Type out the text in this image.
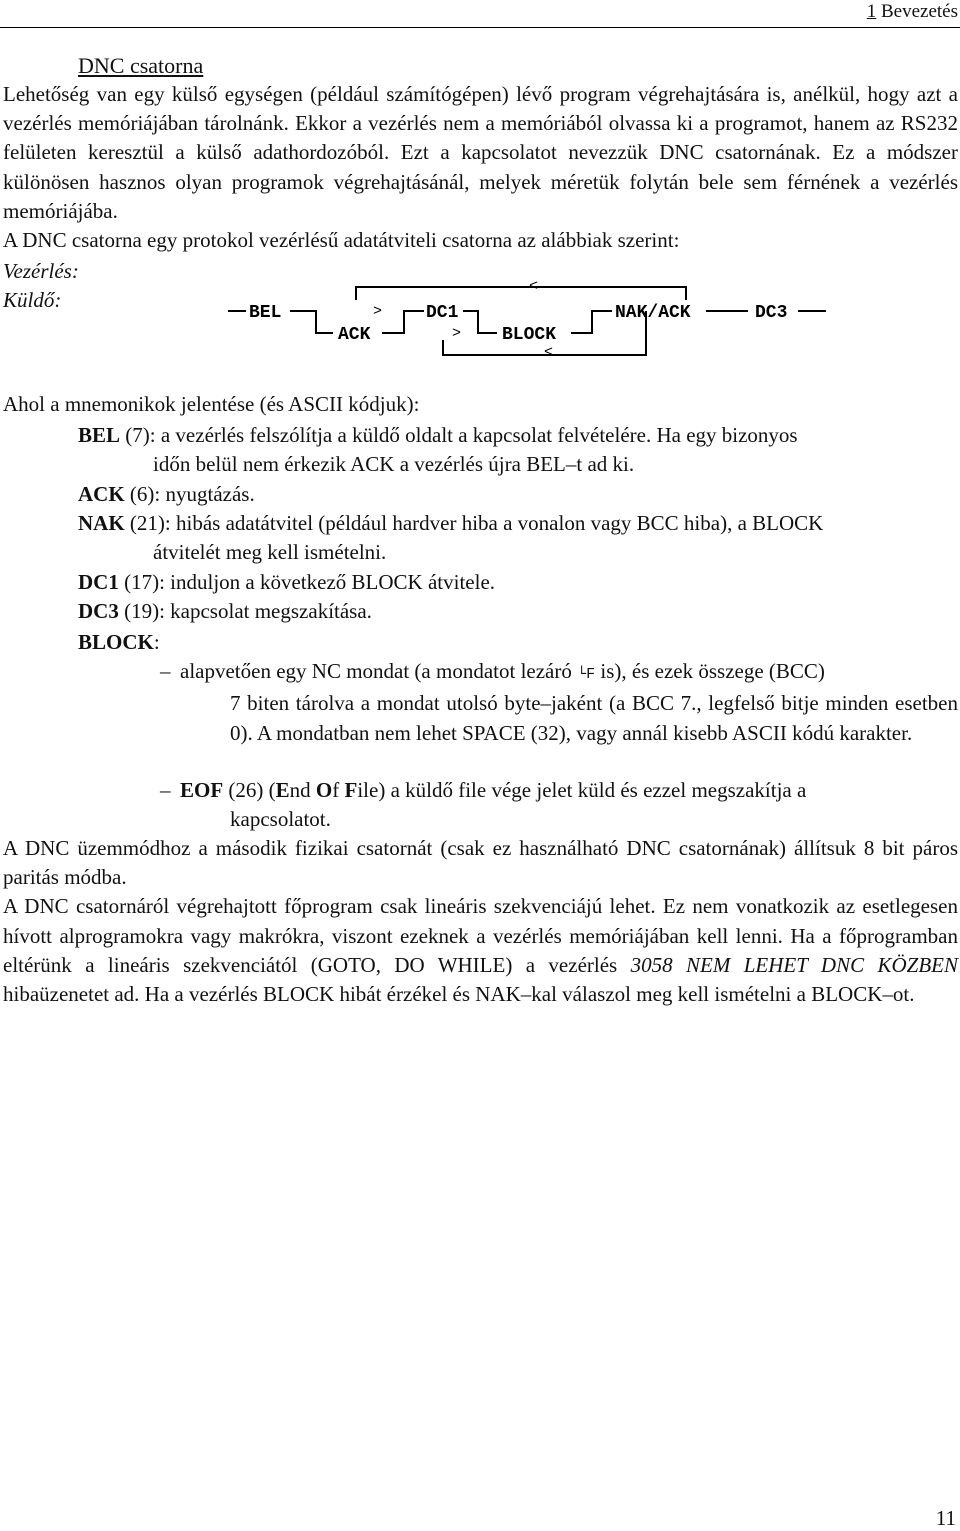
1 Bevezetés
DNC csatorna
Lehetőség van egy külső egységen (például számítógépen) lévő program végrehajtására is, anélkül, hogy azt a vezérlés memóriájában tárolnánk. Ekkor a vezérlés nem a memóriából olvassa ki a programot, hanem az RS232 felületen keresztül a külső adathordozóból. Ezt a kapcsolatot nevezzük DNC csatornának. Ez a módszer különösen hasznos olyan programok végrehajtásánál, melyek méretük folytán bele sem férnének a vezérlés memóriájába.
A DNC csatorna egy protokol vezérlésű adatátviteli csatorna az alábbiak szerint:
Vezérlés:
Küldő:
BEL
ACK
DC1
BLOCK
NAK/ACK	DC3
>
>
<
<
Ahol a mnemonikok jelentése (és ASCII kódjuk):
BEL (7): a vezérlés felszólítja a küldő oldalt a kapcsolat felvételére. Ha egy bizonyos
időn belül nem érkezik ACK a vezérlés újra BEL–t ad ki.
ACK (6): nyugtázás.
NAK (21): hibás adatátvitel (például hardver hiba a vonalon vagy BCC hiba), a BLOCK
átvitelét meg kell ismételni.
DC1 (17): induljon a következő BLOCK átvitele.
DC3 (19): kapcsolat megszakítása.
BLOCK:
– alapvetően egy NC mondat (a mondatot lezáró └F is), és ezek összege (BCC)
7 biten tárolva a mondat utolsó byte–jaként (a BCC 7., legfelső bitje minden esetben 0). A mondatban nem lehet SPACE (32), vagy annál kisebb ASCII kódú karakter.
– EOF (26) (End Of File) a küldő file vége jelet küld és ezzel megszakítja a
kapcsolatot.

A DNC üzemmódhoz a második fizikai csatornát (csak ez használható DNC csatornának) állítsuk 8 bit páros paritás módba.

A DNC csatornáról végrehajtott főprogram csak lineáris szekvenciájú lehet. Ez nem vonatkozik az esetlegesen hívott alprogramokra vagy makrókra, viszont ezeknek a vezérlés memóriájában kell lenni. Ha a főprogramban eltérünk a lineáris szekvenciától (GOTO, DO WHILE) a vezérlés 3058 NEM LEHET DNC KÖZBEN hibaüzenetet ad. Ha a vezérlés BLOCK hibát érzékel és NAK–kal válaszol meg kell ismételni a BLOCK–ot.

11
